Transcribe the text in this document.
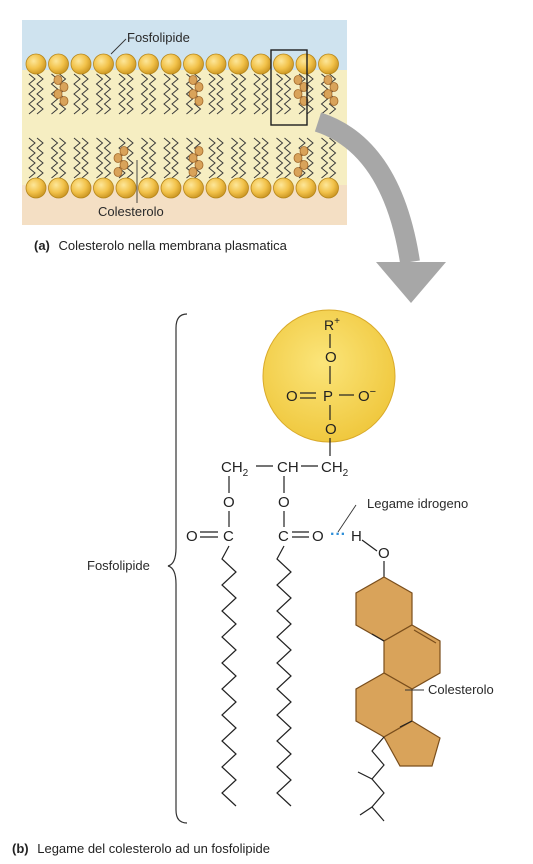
Fosfolipide
Colesterolo
(a) Colesterolo nella membrana plasmatica
Fosfolipide
R+
O
O P O−
O
$CH_2$ CH $CH_2$
O	O
O C	C O ··· H
O
Legame idrogeno
Colesterolo
(b) Legame del colesterolo ad un fosfolipide
